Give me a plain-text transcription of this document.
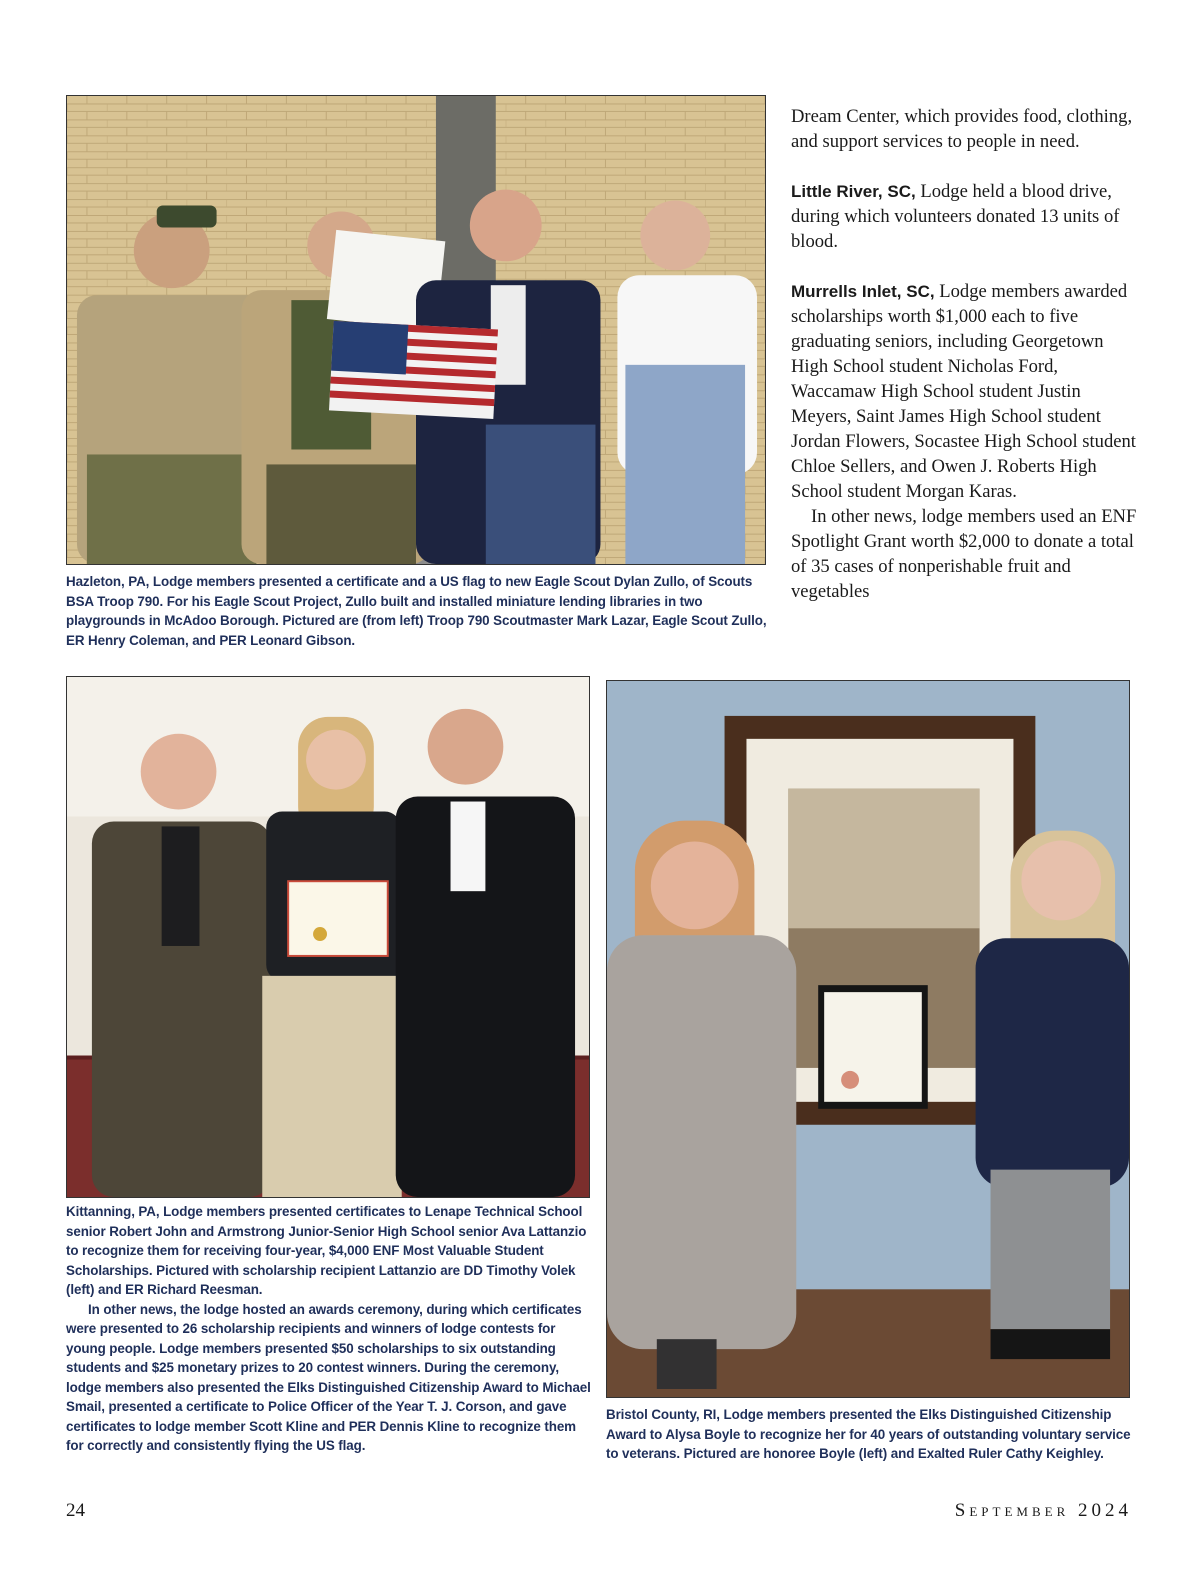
Hazleton, PA, Lodge members presented a certificate and a US flag to new Eagle Scout Dylan Zullo, of Scouts BSA Troop 790. For his Eagle Scout Project, Zullo built and installed miniature lending libraries in two playgrounds in McAdoo Borough. Pictured are (from left) Troop 790 Scoutmaster Mark Lazar, Eagle Scout Zullo, ER Henry Coleman, and PER Leonard Gibson.

Dream Center, which provides food, clothing, and support services to people in need.

Little River, SC, Lodge held a blood drive, during which volunteers donated 13 units of blood.

Murrells Inlet, SC, Lodge members awarded scholarships worth $1,000 each to five graduating seniors, including Georgetown High School student Nicholas Ford, Waccamaw High School student Justin Meyers, Saint James High School student Jordan Flowers, Socastee High School student Chloe Sellers, and Owen J. Roberts High School student Morgan Karas.

In other news, lodge members used an ENF Spotlight Grant worth $2,000 to donate a total of 35 cases of nonperishable fruit and vegetables

Kittanning, PA, Lodge members presented certificates to Lenape Technical School senior Robert John and Armstrong Junior-Senior High School senior Ava Lattanzio to recognize them for receiving four-year, $4,000 ENF Most Valuable Student Scholarships. Pictured with scholarship recipient Lattanzio are DD Timothy Volek (left) and ER Richard Reesman.

In other news, the lodge hosted an awards ceremony, during which certificates were presented to 26 scholarship recipients and winners of lodge contests for young people. Lodge members presented $50 scholarships to six outstanding students and $25 monetary prizes to 20 contest winners. During the ceremony, lodge members also presented the Elks Distinguished Citizenship Award to Michael Smail, presented a certificate to Police Officer of the Year T. J. Corson, and gave certificates to lodge member Scott Kline and PER Dennis Kline to recognize them for correctly and consistently flying the US flag.

Bristol County, RI, Lodge members presented the Elks Distinguished Citizenship Award to Alysa Boyle to recognize her for 40 years of outstanding voluntary service to veterans. Pictured are honoree Boyle (left) and Exalted Ruler Cathy Keighley.

24	September 2024
